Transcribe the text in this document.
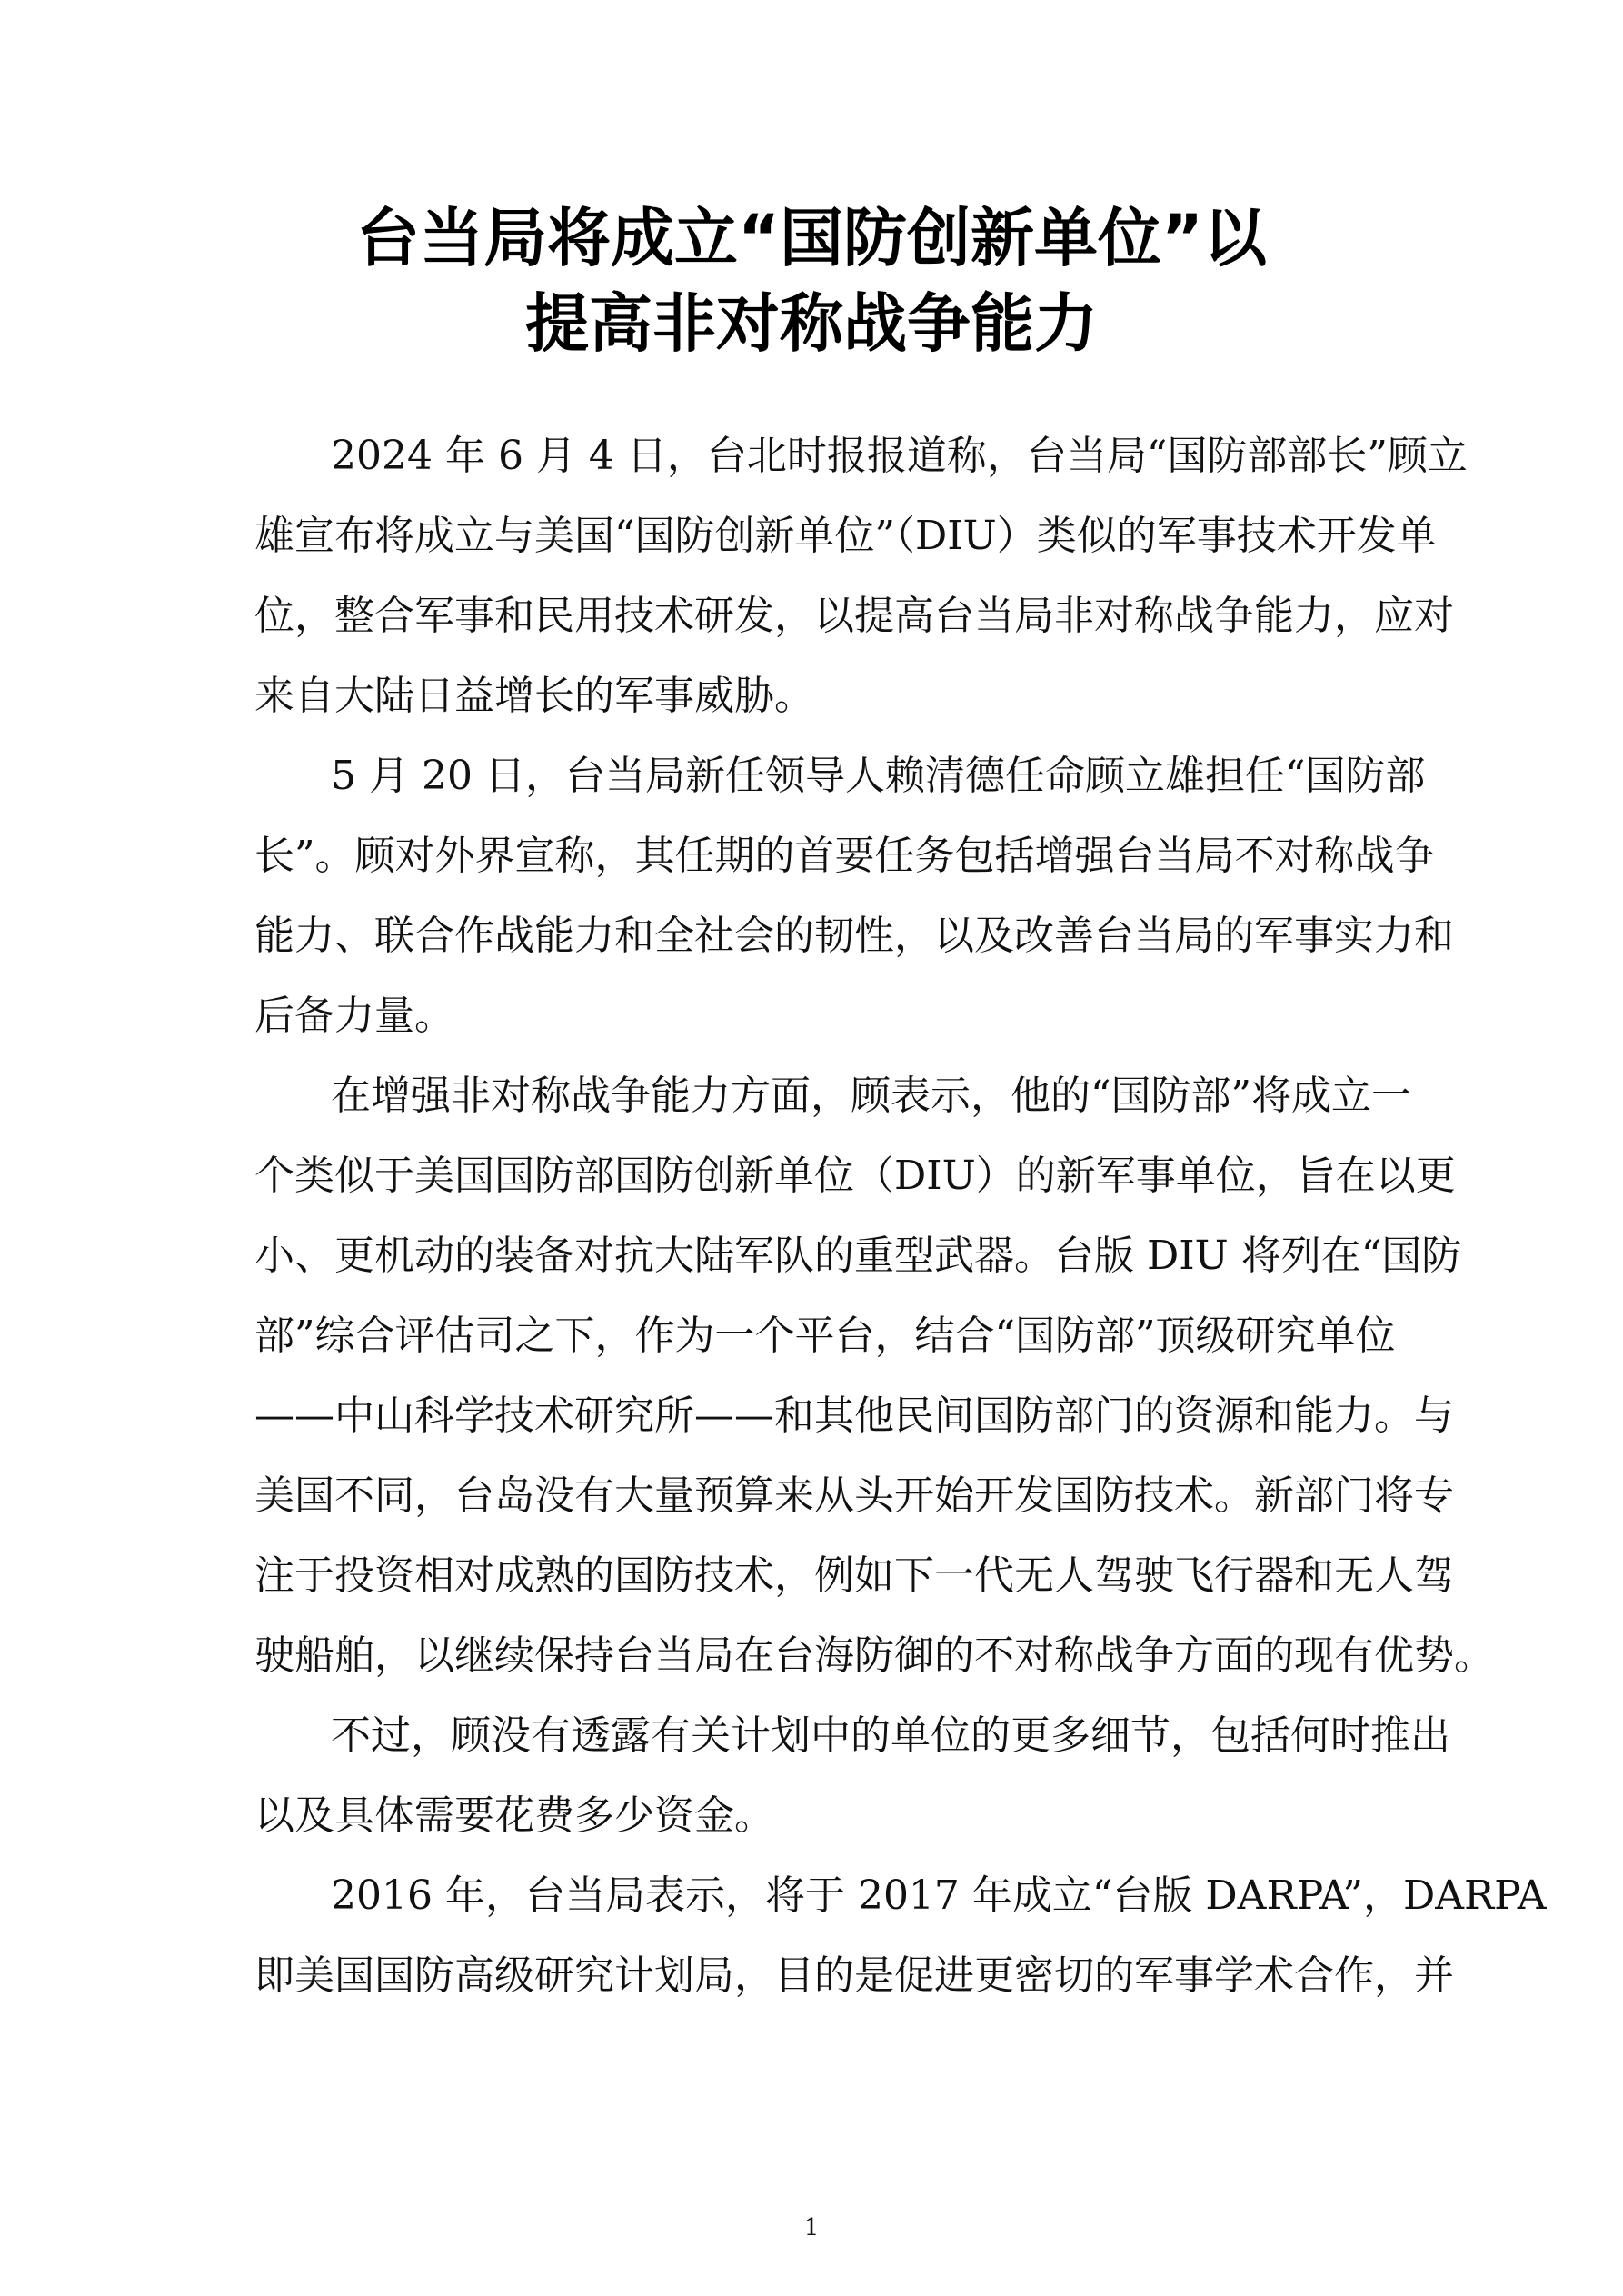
台当局将成立“国防创新单位”以
提高非对称战争能力
2024 年 6 月 4 日，台北时报报道称，台当局“国防部部长”顾立
雄宣布将成立与美国“国防创新单位”（DIU）类似的军事技术开发单
位，整合军事和民用技术研发，以提高台当局非对称战争能力，应对
来自大陆日益增长的军事威胁。
5 月 20 日，台当局新任领导人赖清德任命顾立雄担任“国防部
长”。顾对外界宣称，其任期的首要任务包括增强台当局不对称战争
能力、联合作战能力和全社会的韧性，以及改善台当局的军事实力和
后备力量。
在增强非对称战争能力方面，顾表示，他的“国防部”将成立一
个类似于美国国防部国防创新单位（DIU）的新军事单位，旨在以更
小、更机动的装备对抗大陆军队的重型武器。台版 DIU 将列在“国防
部”综合评估司之下，作为一个平台，结合“国防部”顶级研究单位
——中山科学技术研究所——和其他民间国防部门的资源和能力。与
美国不同，台岛没有大量预算来从头开始开发国防技术。新部门将专
注于投资相对成熟的国防技术，例如下一代无人驾驶飞行器和无人驾
驶船舶，以继续保持台当局在台海防御的不对称战争方面的现有优势。
不过，顾没有透露有关计划中的单位的更多细节，包括何时推出
以及具体需要花费多少资金。
2016 年，台当局表示，将于 2017 年成立“台版 DARPA”，DARPA
即美国国防高级研究计划局，目的是促进更密切的军事学术合作，并
1
